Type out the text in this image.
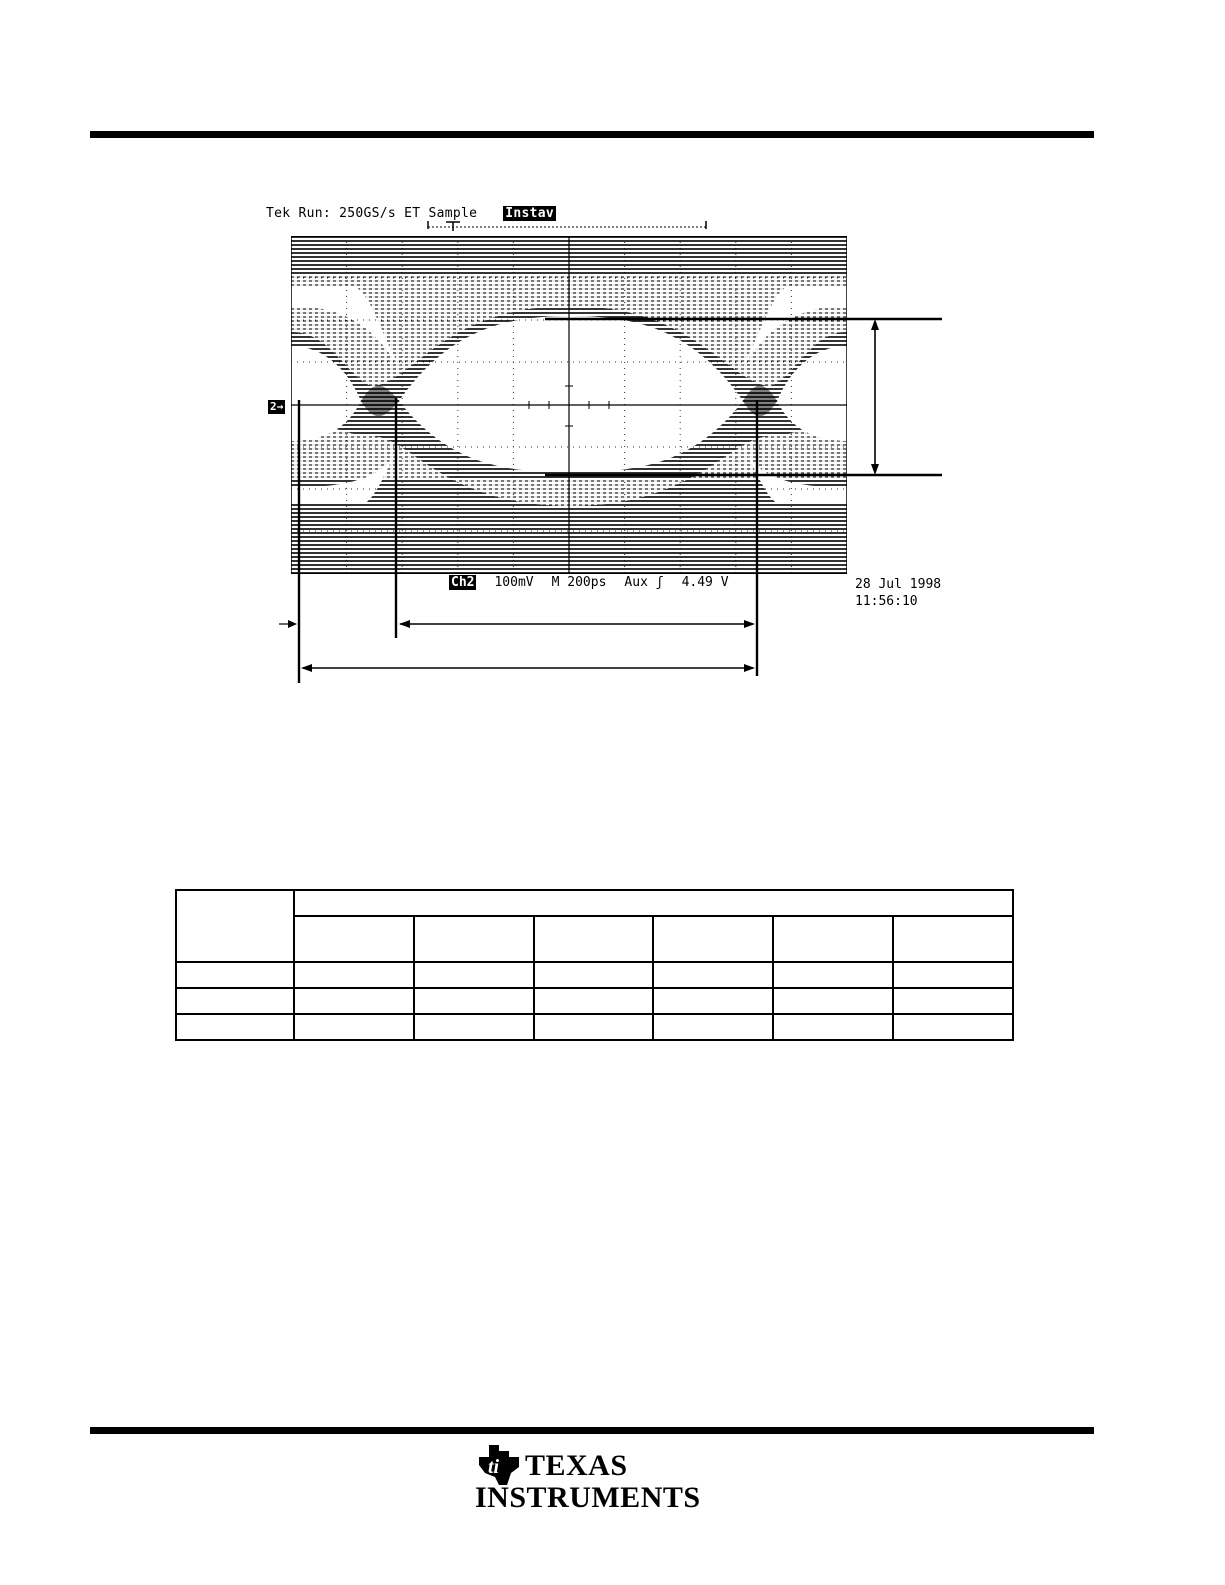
Tek Run: 250GS/s ET Sample Instav
2→
Ch2 100mV M 200ps Aux ʃ 4.49 V	28 Jul 1998
11:56:10

ti TEXAS
INSTRUMENTS
